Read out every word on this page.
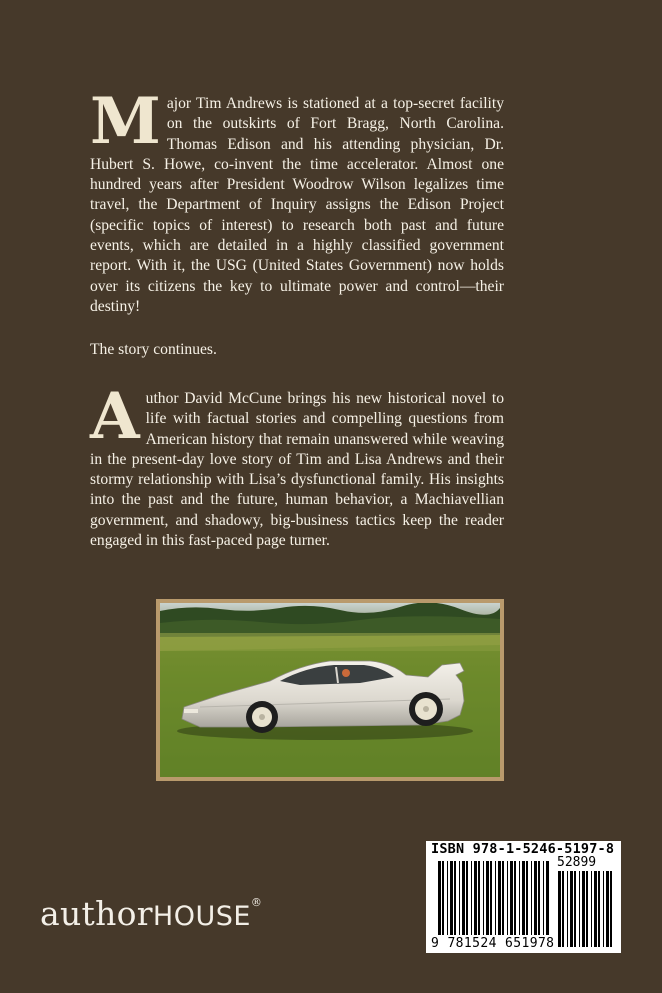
M ajor Tim Andrews is stationed at a top-secret facility on the outskirts of Fort Bragg, North Carolina. Thomas Edison and his attending physician, Dr. Hubert S. Howe, co-invent the time accelerator. Almost one hundred years after President Woodrow Wilson legalizes time travel, the Department of Inquiry assigns the Edison Project (specific topics of interest) to research both past and future events, which are detailed in a highly classified government report. With it, the USG (United States Government) now holds over its citizens the key to ultimate power and control—their destiny!

The story continues.

A uthor David McCune brings his new historical novel to life with factual stories and compelling questions from American history that remain unanswered while weaving in the present-day love story of Tim and Lisa Andrews and their stormy relationship with Lisa’s dysfunctional family. His insights into the past and the future, human behavior, a Machiavellian government, and shadowy, big-business tactics keep the reader engaged in this fast-paced page turner.

authorHOUSE®
ISBN 978-1-5246-5197-8
52899
9 781524 651978
